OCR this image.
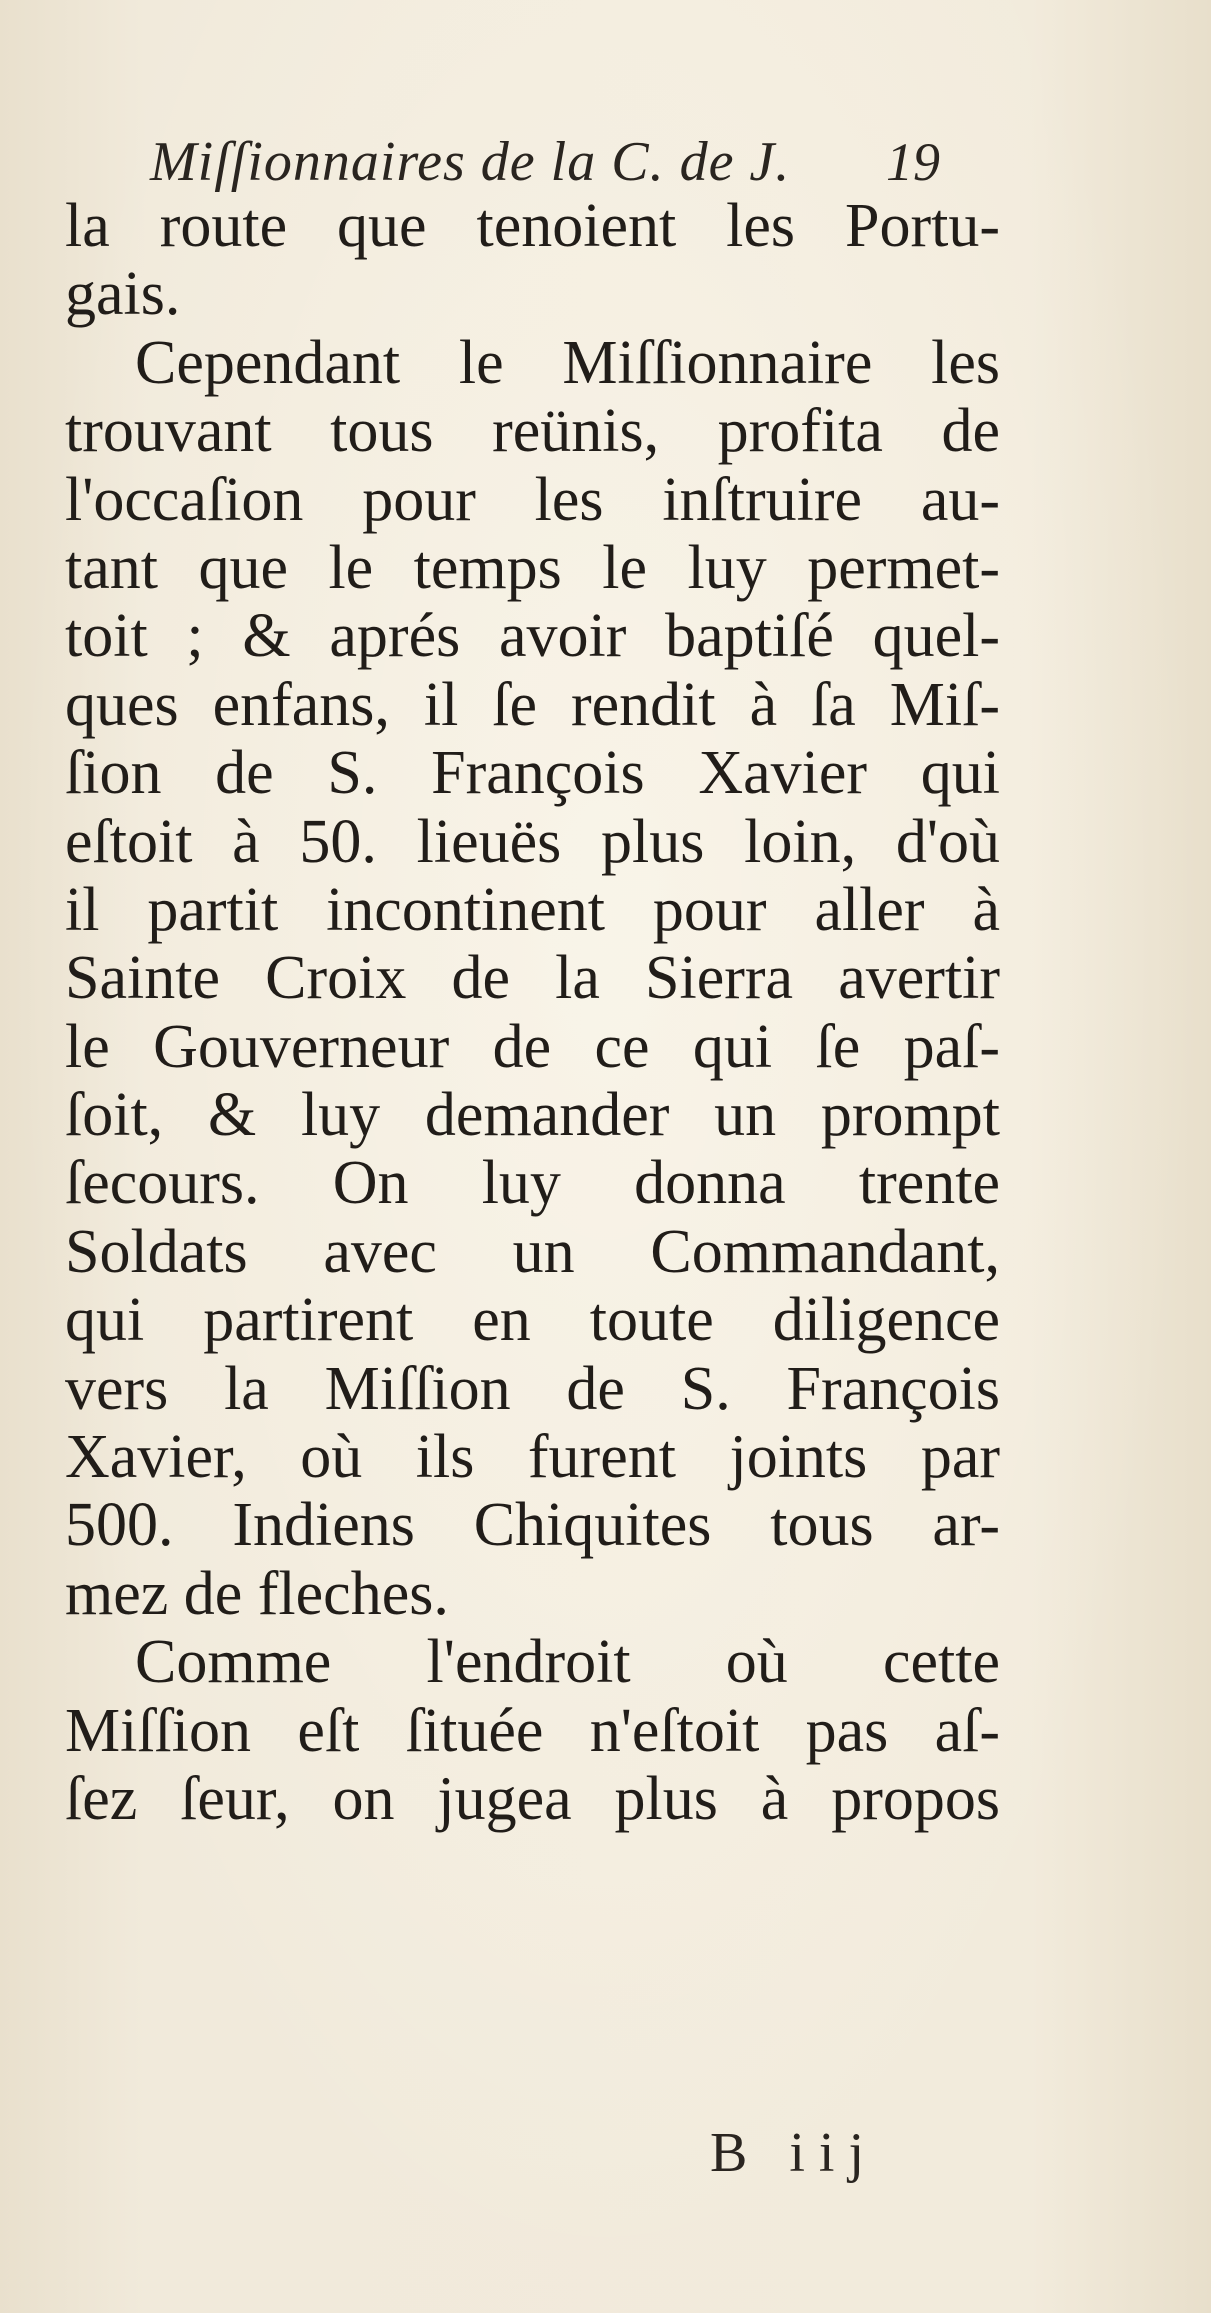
Miſſionnaires de la C. de J. 19
la route que tenoient les Portu-
gais.
Cependant le Miſſionnaire les
trouvant tous reünis, profita de
l'occaſion pour les inſtruire au-
tant que le temps le luy permet-
toit ; & aprés avoir baptiſé quel-
ques enfans, il ſe rendit à ſa Miſ-
ſion de S. François Xavier qui
eſtoit à 50. lieuës plus loin, d'où
il partit incontinent pour aller à
Sainte Croix de la Sierra avertir
le Gouverneur de ce qui ſe paſ-
ſoit, & luy demander un prompt
ſecours. On luy donna trente
Soldats avec un Commandant,
qui partirent en toute diligence
vers la Miſſion de S. François
Xavier, où ils furent joints par
500. Indiens Chiquites tous ar-
mez de fleches.
Comme l'endroit où cette
Miſſion eſt ſituée n'eſtoit pas aſ-
ſez ſeur, on jugea plus à propos
B iij
